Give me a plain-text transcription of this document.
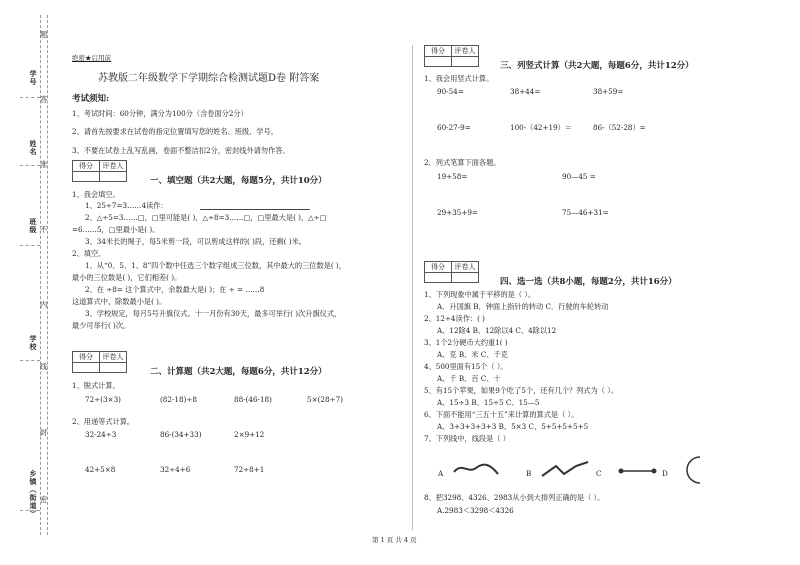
学号
姓名
班级
学校
乡镇（街道）
题
答
准
不
内
线
封
密
绝密★启用前
苏教版二年级数学下学期综合检测试题D卷 附答案
考试须知:
1、考试时间：60分钟，满分为100分（含卷面分2分）
2、请首先按要求在试卷的指定位置填写您的姓名、班级、学号。
3、不要在试卷上乱写乱画，卷面不整洁扣2分，密封线外请勿作答。
得分	评卷人

一、填空题（共2大题，每题5分，共计10分）
1、我会填空。
1、25÷7=3……4读作：
2、△÷5=3……□，□里可能是( )，△÷8=3……□，□里最大是( )，△÷□
=6……5，□里最小是( )。
3、34米长的绳子，每5米剪一段，可以剪成这样的( )段，还剩( )米。
2、填空。
1、从“0、5、1、8”四个数中任选三个数字组成三位数，其中最大的三位数是( )，
最小的三位数是( )，它们相差( )。
2、在 ÷8= 这个算式中，余数最大是( )；在 ÷ = ……8
这道算式中，除数最小是( )。
3、学校规定，每月5号升旗仪式。十一月份有30天，最多可举行( )次升旗仪式，
最少可举行( )次。
得分	评卷人

二、计算题（共2大题，每题6分，共计12分）
1、脱式计算。
72÷(3×3)	(82-18)÷8	88-(46-18)	5×(28÷7)
2、用递等式计算。
32-24÷3	86-(34+33)	2×9+12
42+5×8	32÷4+6	72÷8+1
得分	评卷人

三、列竖式计算（共2大题，每题6分，共计12分）
1、我会用竖式计算。
90-54=	38+44=	38+59=
60-27-9=	100-（42+19）＝	86-（52-28）=
2、列式笔算下面各题。
19+58=	90—45 =
29+35+9=	75—46+31=
得分	评卷人

四、选一选（共8小题，每题2分，共计16分）
1、下列现象中属于平移的是（ ）。
A．升国旗 B．钟面上指针的转动 C．行驶的车轮转动
2、12÷4读作：( )
A、12除4 B、12除以4 C、4除以12
3、1个2分硬币大约重1( )
A、克 B、米 C、千克
4、500里面有15个（ ）。
A、千 B、百 C、十
5、有15个苹果，如果9个吃了5个，还有几个？列式为（ ）。
A、15÷3 B、15÷5 C、15—5
6、下面不能用“三五十五”来计算的算式是（ ）。
A、3+3+3+3+3 B、5×3 C、5+5+5+5+5
7、下列线中，线段是（ ）
A	B	C	D
8、把3298、4326、2983从小到大排列正确的是（ ）。
A.2983＜3298＜4326
第 1 页 共 4 页
